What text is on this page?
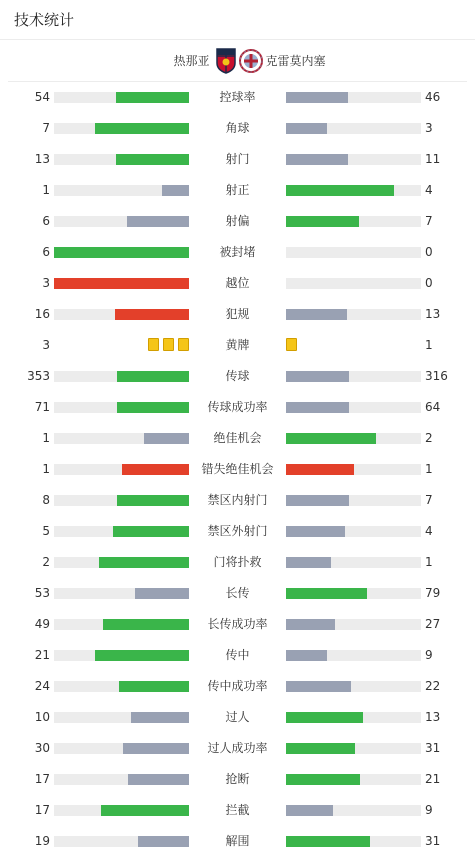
技术统计
热那亚	克雷莫内塞
54	控球率	46
7	角球	3
13	射门	11
1	射正	4
6	射偏	7
6	被封堵	0
3	越位	0
16	犯规	13
3	黄牌	1
353	传球	316
71	传球成功率	64
1	绝佳机会	2
1	错失绝佳机会	1
8	禁区内射门	7
5	禁区外射门	4
2	门将扑救	1
53	长传	79
49	长传成功率	27
21	传中	9
24	传中成功率	22
10	过人	13
30	过人成功率	31
17	抢断	21
17	拦截	9
19	解围	31
